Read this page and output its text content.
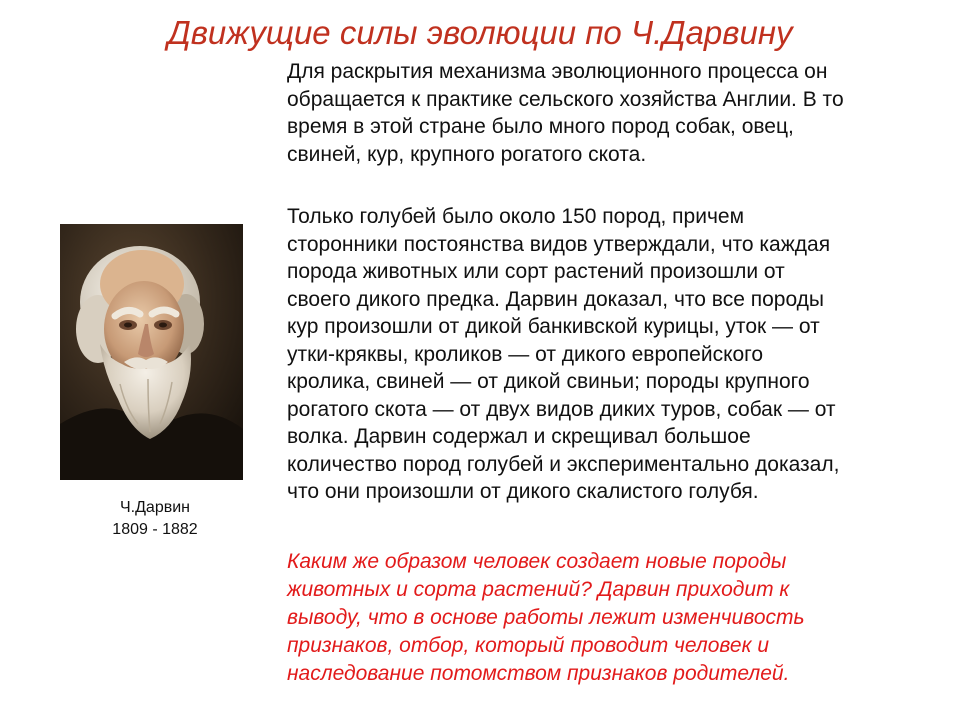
Движущие силы эволюции по Ч.Дарвину
Ч.Дарвин
1809 - 1882
Для раскрытия механизма эволюционного процесса он
обращается к практике сельского хозяйства Англии. В то
время в этой стране было много пород собак, овец,
свиней, кур, крупного рогатого скота.
Только голубей было около 150 пород, причем
сторонники постоянства видов утверждали, что каждая
порода животных или сорт растений произошли от
своего дикого предка. Дарвин доказал, что все породы
кур произошли от дикой банкивской курицы, уток — от
утки-кряквы, кроликов — от дикого европейского
кролика, свиней — от дикой свиньи; породы крупного
рогатого скота — от двух видов диких туров, собак — от
волка. Дарвин содержал и скрещивал большое
количество пород голубей и экспериментально доказал,
что они произошли от дикого скалистого голубя.
Каким же образом человек создает новые породы
животных и сорта растений? Дарвин приходит к
выводу, что в основе работы лежит изменчивость
признаков, отбор, который проводит человек и
наследование потомством признаков родителей.
